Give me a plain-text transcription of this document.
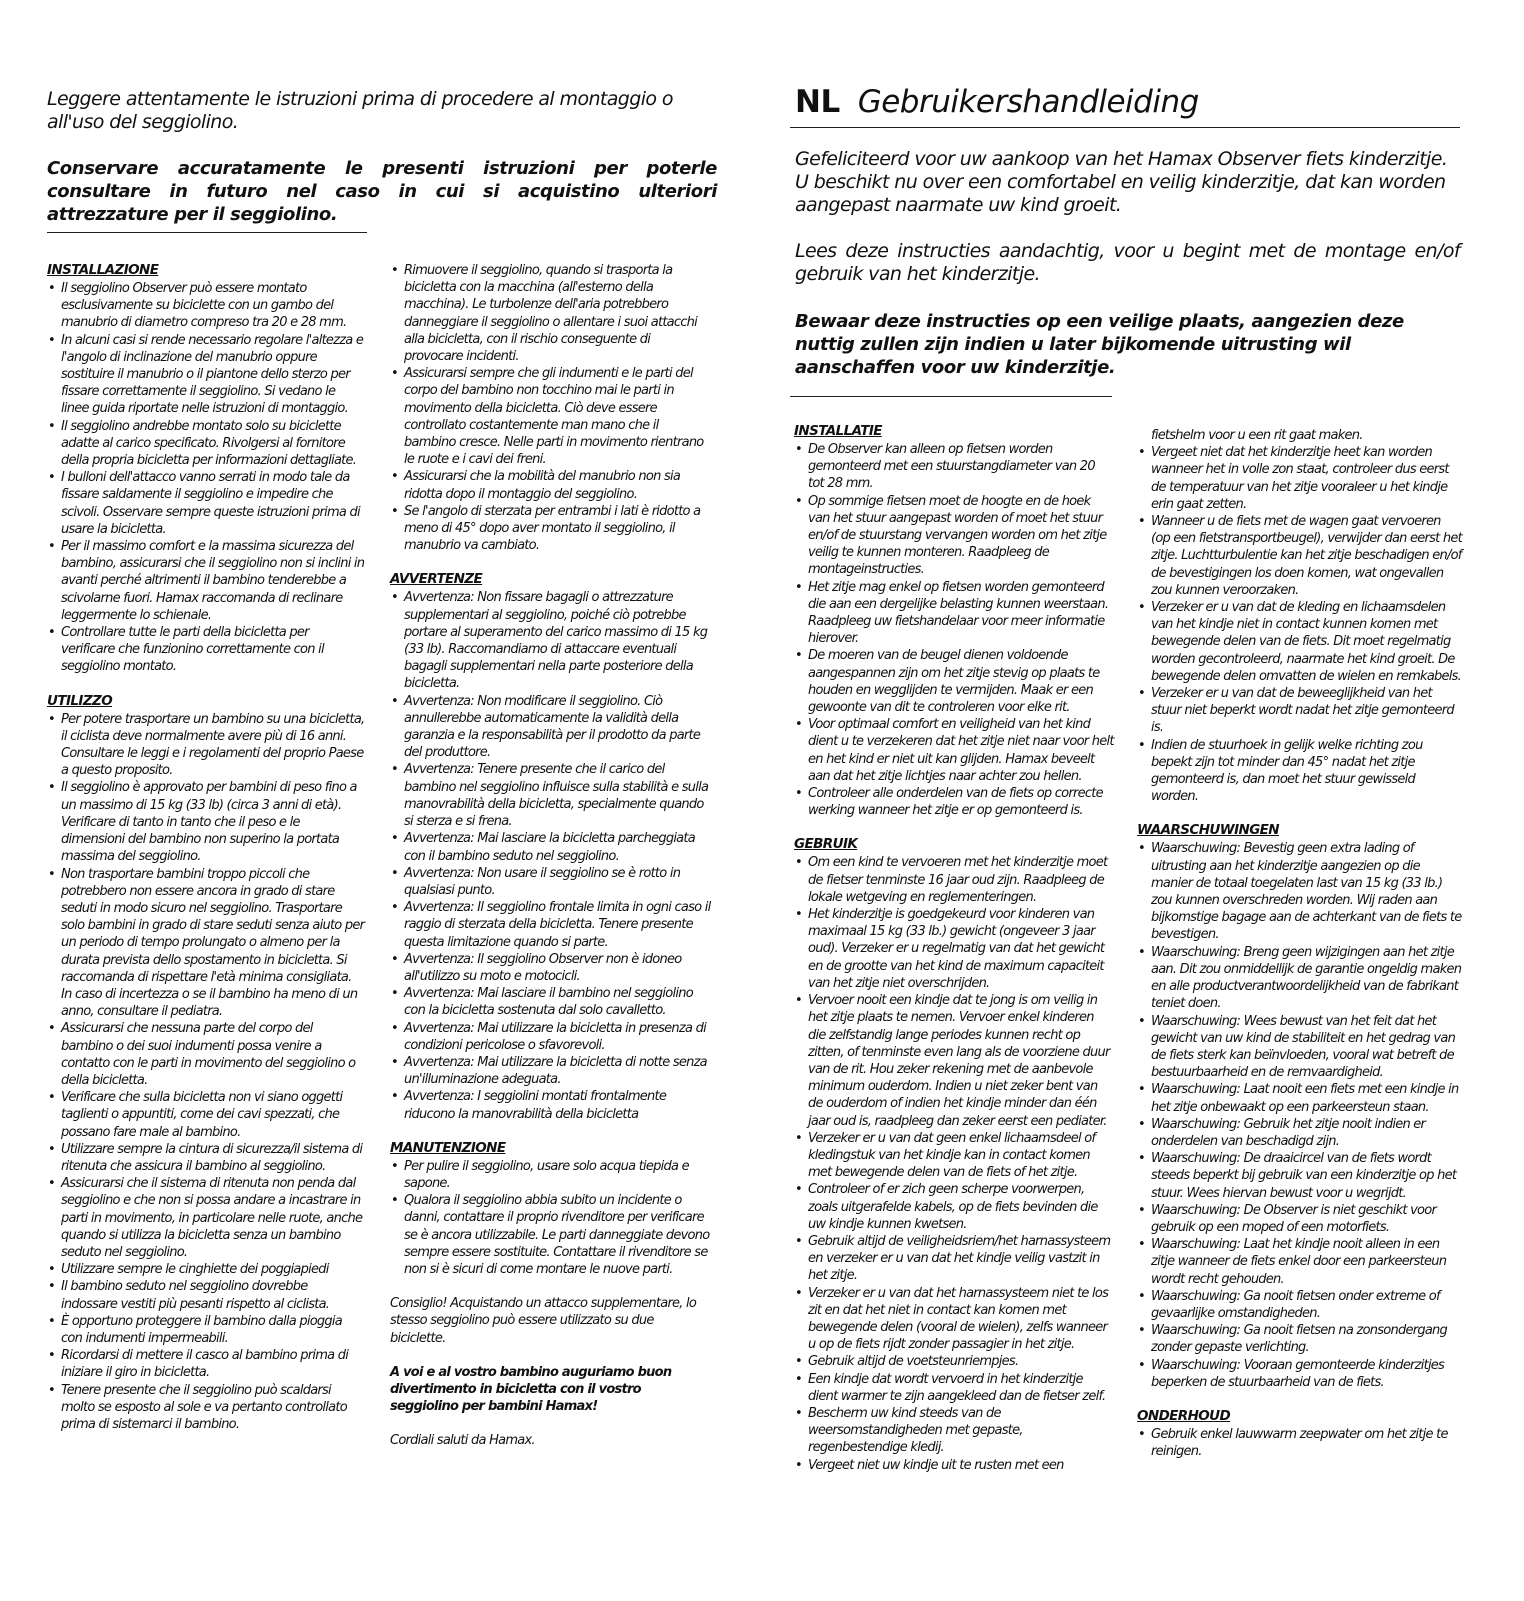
Leggere attentamente le istruzioni prima di procedere al montaggio o all'uso del seggiolino.

Conservare accuratamente le presenti istruzioni per poterle consultare in futuro nel caso in cui si acquistino ulteriori attrezzature per il seggiolino.

INSTALLAZIONE
• Il seggiolino Observer può essere montato esclusivamente su biciclette con un gambo del manubrio di diametro compreso tra 20 e 28 mm.
• In alcuni casi si rende necessario regolare l'altezza e l'angolo di inclinazione del manubrio oppure sostituire il manubrio o il piantone dello sterzo per fissare correttamente il seggiolino. Si vedano le linee guida riportate nelle istruzioni di montaggio.
• Il seggiolino andrebbe montato solo su biciclette adatte al carico specificato. Rivolgersi al fornitore della propria bicicletta per informazioni dettagliate.
• I bulloni dell'attacco vanno serrati in modo tale da fissare saldamente il seggiolino e impedire che scivoli. Osservare sempre queste istruzioni prima di usare la bicicletta.
• Per il massimo comfort e la massima sicurezza del bambino, assicurarsi che il seggiolino non si inclini in avanti perché altrimenti il bambino tenderebbe a scivolarne fuori. Hamax raccomanda di reclinare leggermente lo schienale.
• Controllare tutte le parti della bicicletta per verificare che funzionino correttamente con il seggiolino montato.
UTILIZZO
• Per potere trasportare un bambino su una bicicletta, il ciclista deve normalmente avere più di 16 anni. Consultare le leggi e i regolamenti del proprio Paese a questo proposito.
• Il seggiolino è approvato per bambini di peso fino a un massimo di 15 kg (33 lb) (circa 3 anni di età). Verificare di tanto in tanto che il peso e le dimensioni del bambino non superino la portata massima del seggiolino.
• Non trasportare bambini troppo piccoli che potrebbero non essere ancora in grado di stare seduti in modo sicuro nel seggiolino. Trasportare solo bambini in grado di stare seduti senza aiuto per un periodo di tempo prolungato o almeno per la durata prevista dello spostamento in bicicletta. Si raccomanda di rispettare l'età minima consigliata. In caso di incertezza o se il bambino ha meno di un anno, consultare il pediatra.
• Assicurarsi che nessuna parte del corpo del bambino o dei suoi indumenti possa venire a contatto con le parti in movimento del seggiolino o della bicicletta.
• Verificare che sulla bicicletta non vi siano oggetti taglienti o appuntiti, come dei cavi spezzati, che possano fare male al bambino.
• Utilizzare sempre la cintura di sicurezza/il sistema di ritenuta che assicura il bambino al seggiolino.
• Assicurarsi che il sistema di ritenuta non penda dal seggiolino e che non si possa andare a incastrare in parti in movimento, in particolare nelle ruote, anche quando si utilizza la bicicletta senza un bambino seduto nel seggiolino.
• Utilizzare sempre le cinghiette dei poggiapiedi
• Il bambino seduto nel seggiolino dovrebbe indossare vestiti più pesanti rispetto al ciclista.
• È opportuno proteggere il bambino dalla pioggia con indumenti impermeabili.
• Ricordarsi di mettere il casco al bambino prima di iniziare il giro in bicicletta.
• Tenere presente che il seggiolino può scaldarsi molto se esposto al sole e va pertanto controllato prima di sistemarci il bambino.
• Rimuovere il seggiolino, quando si trasporta la bicicletta con la macchina (all'esterno della macchina). Le turbolenze dell'aria potrebbero danneggiare il seggiolino o allentare i suoi attacchi alla bicicletta, con il rischio conseguente di provocare incidenti.
• Assicurarsi sempre che gli indumenti e le parti del corpo del bambino non tocchino mai le parti in movimento della bicicletta. Ciò deve essere controllato costantemente man mano che il bambino cresce. Nelle parti in movimento rientrano le ruote e i cavi dei freni.
• Assicurarsi che la mobilità del manubrio non sia ridotta dopo il montaggio del seggiolino.
• Se l'angolo di sterzata per entrambi i lati è ridotto a meno di 45° dopo aver montato il seggiolino, il manubrio va cambiato.
AVVERTENZE
• Avvertenza: Non fissare bagagli o attrezzature supplementari al seggiolino, poiché ciò potrebbe portare al superamento del carico massimo di 15 kg (33 lb). Raccomandiamo di attaccare eventuali bagagli supplementari nella parte posteriore della bicicletta.
• Avvertenza: Non modificare il seggiolino. Ciò annullerebbe automaticamente la validità della garanzia e la responsabilità per il prodotto da parte del produttore.
• Avvertenza: Tenere presente che il carico del bambino nel seggiolino influisce sulla stabilità e sulla manovrabilità della bicicletta, specialmente quando si sterza e si frena.
• Avvertenza: Mai lasciare la bicicletta parcheggiata con il bambino seduto nel seggiolino.
• Avvertenza: Non usare il seggiolino se è rotto in qualsiasi punto.
• Avvertenza: Il seggiolino frontale limita in ogni caso il raggio di sterzata della bicicletta. Tenere presente questa limitazione quando si parte.
• Avvertenza: Il seggiolino Observer non è idoneo all'utilizzo su moto e motocicli.
• Avvertenza: Mai lasciare il bambino nel seggiolino con la bicicletta sostenuta dal solo cavalletto.
• Avvertenza: Mai utilizzare la bicicletta in presenza di condizioni pericolose o sfavorevoli.
• Avvertenza: Mai utilizzare la bicicletta di notte senza un'illuminazione adeguata.
• Avvertenza: I seggiolini montati frontalmente riducono la manovrabilità della bicicletta
MANUTENZIONE
• Per pulire il seggiolino, usare solo acqua tiepida e sapone.
• Qualora il seggiolino abbia subito un incidente o danni, contattare il proprio rivenditore per verificare se è ancora utilizzabile. Le parti danneggiate devono sempre essere sostituite. Contattare il rivenditore se non si è sicuri di come montare le nuove parti.

Consiglio! Acquistando un attacco supplementare, lo stesso seggiolino può essere utilizzato su due biciclette.

A voi e al vostro bambino auguriamo buon divertimento in bicicletta con il vostro seggiolino per bambini Hamax!

Cordiali saluti da Hamax.

NL Gebruikershandleiding

Gefeliciteerd voor uw aankoop van het Hamax Observer fiets kinderzitje. U beschikt nu over een comfortabel en veilig kinderzitje, dat kan worden aangepast naarmate uw kind groeit.

Lees deze instructies aandachtig, voor u begint met de montage en/of gebruik van het kinderzitje.

Bewaar deze instructies op een veilige plaats, aangezien deze nuttig zullen zijn indien u later bijkomende uitrusting wil aanschaffen voor uw kinderzitje.

INSTALLATIE
• De Observer kan alleen op fietsen worden gemonteerd met een stuurstangdiameter van 20 tot 28 mm.
• Op sommige fietsen moet de hoogte en de hoek van het stuur aangepast worden of moet het stuur en/of de stuurstang vervangen worden om het zitje veilig te kunnen monteren. Raadpleeg de montageinstructies.
• Het zitje mag enkel op fietsen worden gemonteerd die aan een dergelijke belasting kunnen weerstaan. Raadpleeg uw fietshandelaar voor meer informatie hierover.
• De moeren van de beugel dienen voldoende aangespannen zijn om het zitje stevig op plaats te houden en wegglijden te vermijden. Maak er een gewoonte van dit te controleren voor elke rit.
• Voor optimaal comfort en veiligheid van het kind dient u te verzekeren dat het zitje niet naar voor helt en het kind er niet uit kan glijden. Hamax beveelt aan dat het zitje lichtjes naar achter zou hellen.
• Controleer alle onderdelen van de fiets op correcte werking wanneer het zitje er op gemonteerd is.
GEBRUIK
• Om een kind te vervoeren met het kinderzitje moet de fietser tenminste 16 jaar oud zijn. Raadpleeg de lokale wetgeving en reglementeringen.
• Het kinderzitje is goedgekeurd voor kinderen van maximaal 15 kg (33 lb.) gewicht (ongeveer 3 jaar oud). Verzeker er u regelmatig van dat het gewicht en de grootte van het kind de maximum capaciteit van het zitje niet overschrijden.
• Vervoer nooit een kindje dat te jong is om veilig in het zitje plaats te nemen. Vervoer enkel kinderen die zelfstandig lange periodes kunnen recht op zitten, of tenminste even lang als de voorziene duur van de rit. Hou zeker rekening met de aanbevole minimum ouderdom. Indien u niet zeker bent van de ouderdom of indien het kindje minder dan één jaar oud is, raadpleeg dan zeker eerst een pediater.
• Verzeker er u van dat geen enkel lichaamsdeel of kledingstuk van het kindje kan in contact komen met bewegende delen van de fiets of het zitje.
• Controleer of er zich geen scherpe voorwerpen, zoals uitgerafelde kabels, op de fiets bevinden die uw kindje kunnen kwetsen.
• Gebruik altijd de veiligheidsriem/het harnassysteem en verzeker er u van dat het kindje veilig vastzit in het zitje.
• Verzeker er u van dat het harnassysteem niet te los zit en dat het niet in contact kan komen met bewegende delen (vooral de wielen), zelfs wanneer u op de fiets rijdt zonder passagier in het zitje.
• Gebruik altijd de voetsteunriempjes.
• Een kindje dat wordt vervoerd in het kinderzitje dient warmer te zijn aangekleed dan de fietser zelf.
• Bescherm uw kind steeds van de weersomstandigheden met gepaste, regenbestendige kledij.
• Vergeet niet uw kindje uit te rusten met een
fietshelm voor u een rit gaat maken.
• Vergeet niet dat het kinderzitje heet kan worden wanneer het in volle zon staat, controleer dus eerst de temperatuur van het zitje vooraleer u het kindje erin gaat zetten.
• Wanneer u de fiets met de wagen gaat vervoeren (op een fietstransportbeugel), verwijder dan eerst het zitje. Luchtturbulentie kan het zitje beschadigen en/of de bevestigingen los doen komen, wat ongevallen zou kunnen veroorzaken.
• Verzeker er u van dat de kleding en lichaamsdelen van het kindje niet in contact kunnen komen met bewegende delen van de fiets. Dit moet regelmatig worden gecontroleerd, naarmate het kind groeit. De bewegende delen omvatten de wielen en remkabels.
• Verzeker er u van dat de beweeglijkheid van het stuur niet beperkt wordt nadat het zitje gemonteerd is.
• Indien de stuurhoek in gelijk welke richting zou bepekt zijn tot minder dan 45° nadat het zitje gemonteerd is, dan moet het stuur gewisseld worden.
WAARSCHUWINGEN
• Waarschuwing: Bevestig geen extra lading of uitrusting aan het kinderzitje aangezien op die manier de totaal toegelaten last van 15 kg (33 lb.) zou kunnen overschreden worden. Wij raden aan bijkomstige bagage aan de achterkant van de fiets te bevestigen.
• Waarschuwing: Breng geen wijzigingen aan het zitje aan. Dit zou onmiddellijk de garantie ongeldig maken en alle productverantwoordelijkheid van de fabrikant teniet doen.
• Waarschuwing: Wees bewust van het feit dat het gewicht van uw kind de stabiliteit en het gedrag van de fiets sterk kan beïnvloeden, vooral wat betreft de bestuurbaarheid en de remvaardigheid.
• Waarschuwing: Laat nooit een fiets met een kindje in het zitje onbewaakt op een parkeersteun staan.
• Waarschuwing: Gebruik het zitje nooit indien er onderdelen van beschadigd zijn.
• Waarschuwing: De draaicircel van de fiets wordt steeds beperkt bij gebruik van een kinderzitje op het stuur. Wees hiervan bewust voor u wegrijdt.
• Waarschuwing: De Observer is niet geschikt voor gebruik op een moped of een motorfiets.
• Waarschuwing: Laat het kindje nooit alleen in een zitje wanneer de fiets enkel door een parkeersteun wordt recht gehouden.
• Waarschuwing: Ga nooit fietsen onder extreme of gevaarlijke omstandigheden.
• Waarschuwing: Ga nooit fietsen na zonsondergang zonder gepaste verlichting.
• Waarschuwing: Vooraan gemonteerde kinderzitjes beperken de stuurbaarheid van de fiets.
ONDERHOUD
• Gebruik enkel lauwwarm zeepwater om het zitje te reinigen.
